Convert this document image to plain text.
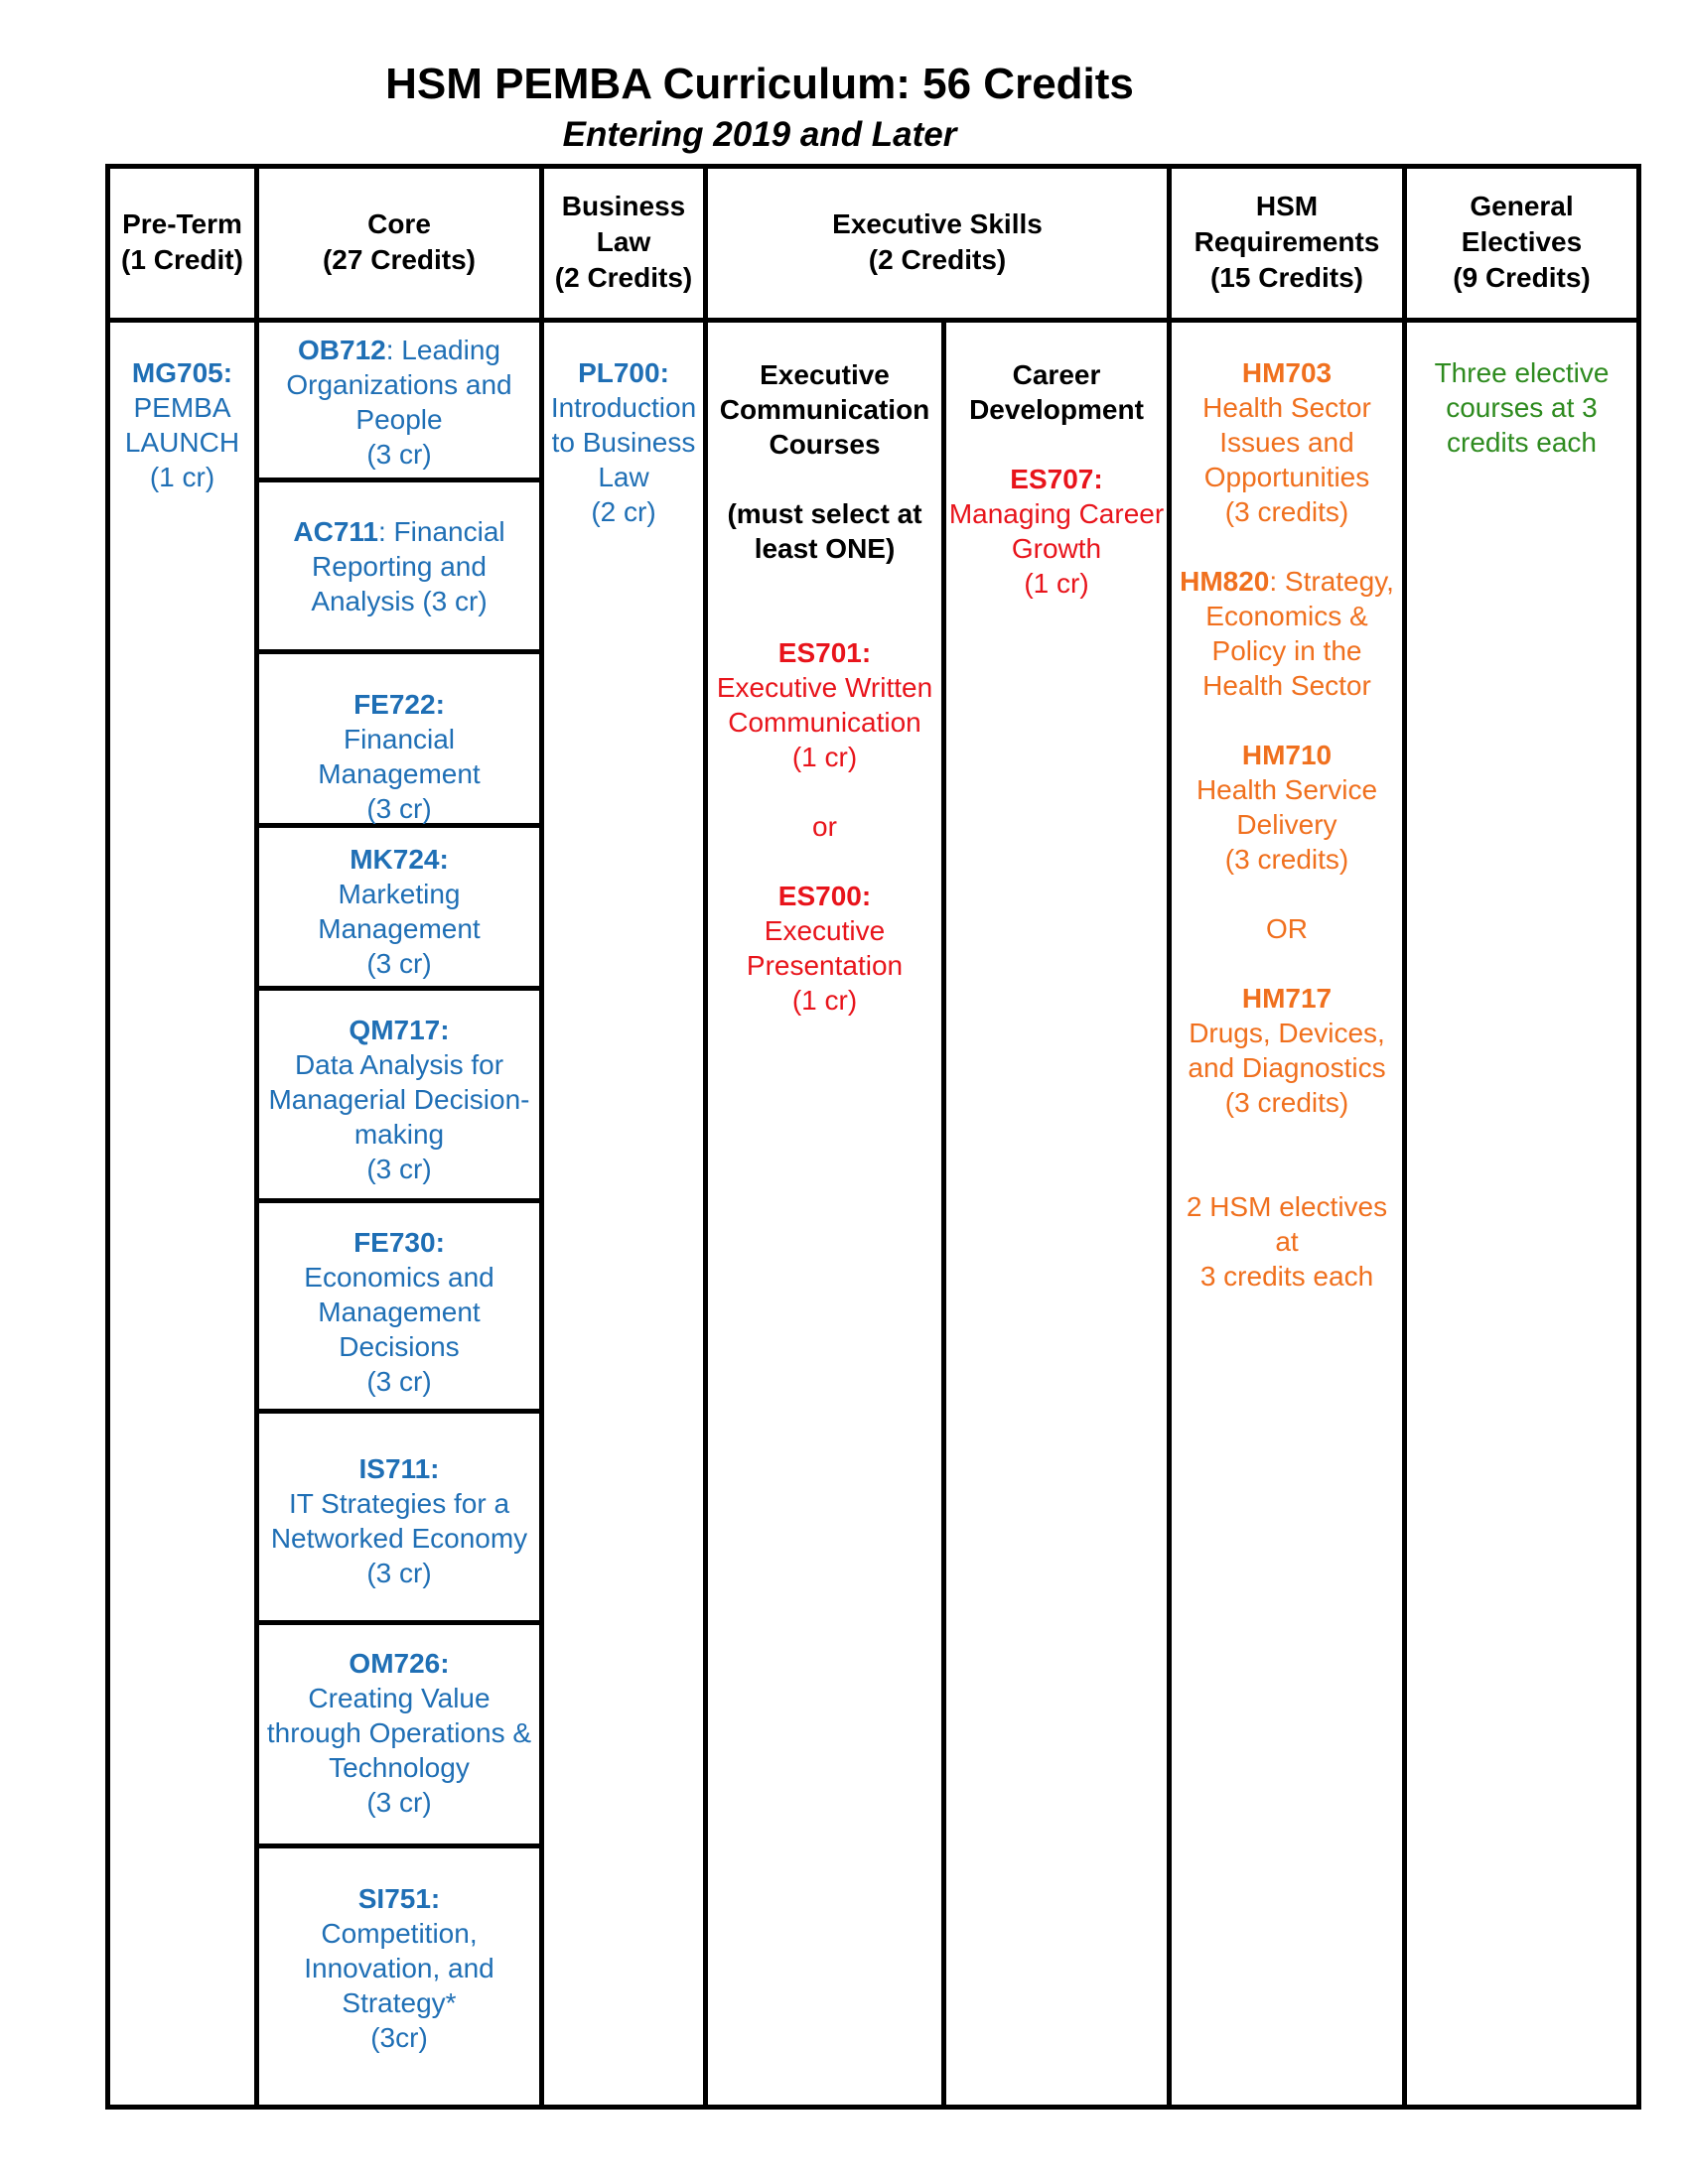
HSM PEMBA Curriculum: 56 Credits
Entering 2019 and Later

Pre-Term

(1 Credit)

Core

(27 Credits)

Business

Law

(2 Credits)

Executive Skills

(2 Credits)

HSM

Requirements

(15 Credits)

General

Electives

(9 Credits)

MG705:

PEMBA

LAUNCH

(1 cr)

OB712: Leading

Organizations and

People

(3 cr)

AC711: Financial

Reporting and

Analysis (3 cr)

FE722:

Financial Management

(3 cr)

MK724:

Marketing

Management

(3 cr)

QM717:

Data Analysis for

Managerial Decision-

making

(3 cr)

FE730:

Economics and

Management

Decisions

(3 cr)

IS711:

IT Strategies for a

Networked Economy

(3 cr)

OM726:

Creating Value

through Operations &

Technology

(3 cr)

SI751:

Competition,

Innovation, and

Strategy*

(3cr)

PL700:

Introduction

to Business

Law

(2 cr)

Executive

Communication

Courses

(must select at

least ONE)

ES701:

Executive Written

Communication

(1 cr)

or

ES700:

Executive

Presentation

(1 cr)

Career

Development

ES707:

Managing Career

Growth

(1 cr)

HM703

Health Sector

Issues and

Opportunities

(3 credits)

HM820: Strategy,

Economics &

Policy in the

Health Sector

HM710

Health Service

Delivery

(3 credits)

OR

HM717

Drugs, Devices,

and Diagnostics

(3 credits)

2 HSM electives at

3 credits each

Three elective

courses at 3

credits each
